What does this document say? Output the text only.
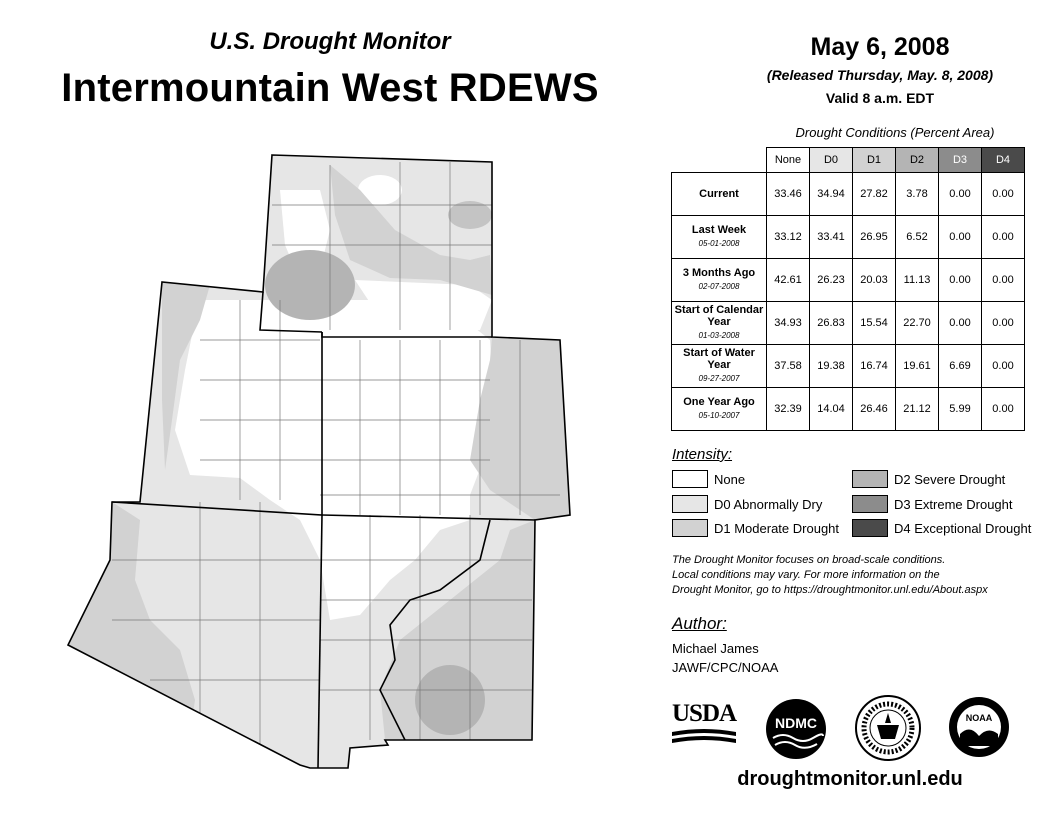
U.S. Drought Monitor
Intermountain West RDEWS
May 6, 2008
(Released Thursday, May. 8, 2008)
Valid 8 a.m. EDT
Drought Conditions (Percent Area)
	None	D0	D1	D2	D3	D4
Current	33.46	34.94	27.82	3.78	0.00	0.00
Last Week
05-01-2008	33.12	33.41	26.95	6.52	0.00	0.00
3 Months Ago
02-07-2008	42.61	26.23	20.03	11.13	0.00	0.00
Start of Calendar Year
01-03-2008	34.93	26.83	15.54	22.70	0.00	0.00
Start of Water Year
09-27-2007	37.58	19.38	16.74	19.61	6.69	0.00
One Year Ago
05-10-2007	32.39	14.04	26.46	21.12	5.99	0.00
Intensity:
None
D0 Abnormally Dry
D1 Moderate Drought
D2 Severe Drought
D3 Extreme Drought
D4 Exceptional Drought
The Drought Monitor focuses on broad-scale conditions.
Local conditions may vary. For more information on the
Drought Monitor, go to https://droughtmonitor.unl.edu/About.aspx
Author:
Michael James
JAWF/CPC/NOAA
USDA	NDMC	NOAA
droughtmonitor.unl.edu
